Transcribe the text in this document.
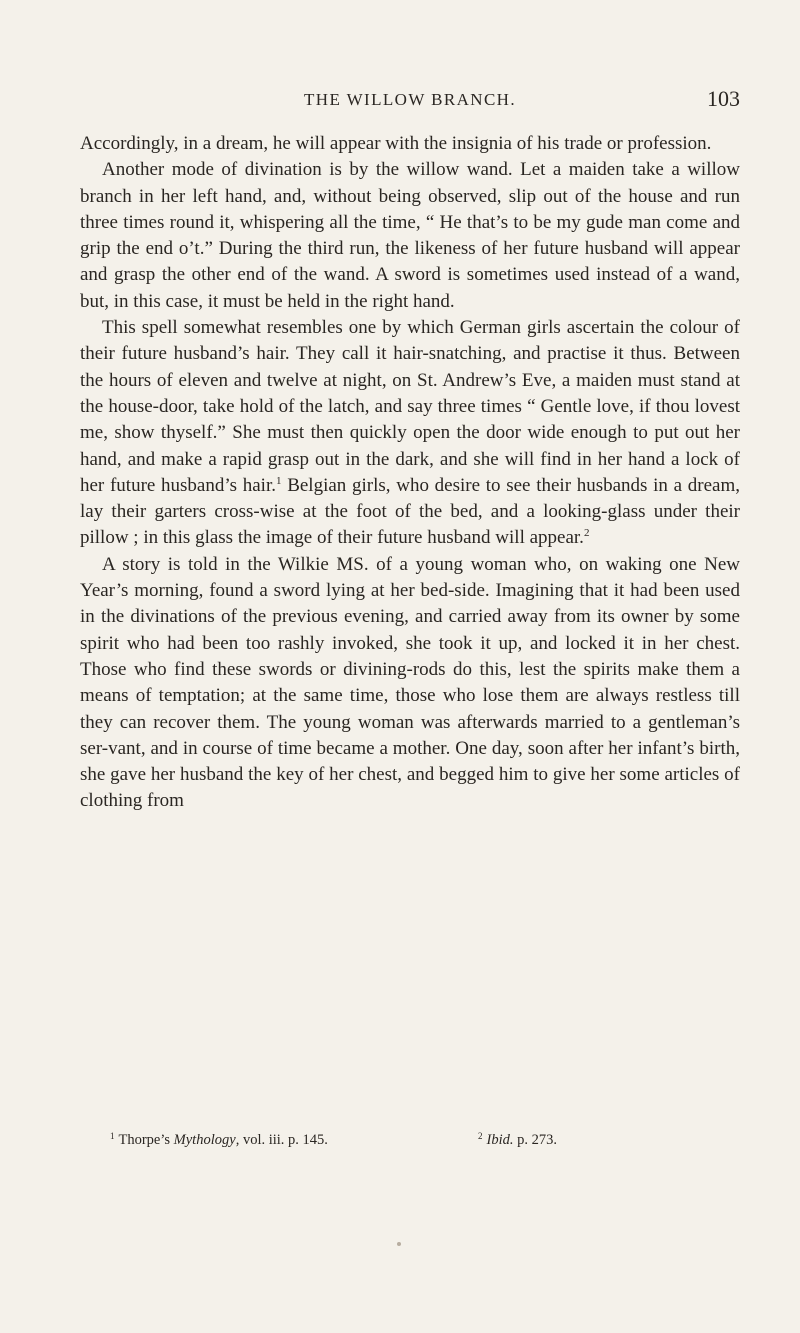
THE WILLOW BRANCH.	103

Accordingly, in a dream, he will appear with the insignia of his trade or profession.

Another mode of divination is by the willow wand. Let a maiden take a willow branch in her left hand, and, without being observed, slip out of the house and run three times round it, whispering all the time, “ He that’s to be my gude man come and grip the end o’t.” During the third run, the likeness of her future husband will appear and grasp the other end of the wand. A sword is sometimes used instead of a wand, but, in this case, it must be held in the right hand.

This spell somewhat resembles one by which German girls ascertain the colour of their future husband’s hair. They call it hair-snatching, and practise it thus. Between the hours of eleven and twelve at night, on St. Andrew’s Eve, a maiden must stand at the house-door, take hold of the latch, and say three times “ Gentle love, if thou lovest me, show thyself.” She must then quickly open the door wide enough to put out her hand, and make a rapid grasp out in the dark, and she will find in her hand a lock of her future husband’s hair.$^1$ Belgian girls, who desire to see their husbands in a dream, lay their garters cross-wise at the foot of the bed, and a looking-glass under their pillow ; in this glass the image of their future husband will appear.$^2$

A story is told in the Wilkie MS. of a young woman who, on waking one New Year’s morning, found a sword lying at her bed-side. Imagining that it had been used in the divinations of the previous evening, and carried away from its owner by some spirit who had been too rashly invoked, she took it up, and locked it in her chest. Those who find these swords or divining-rods do this, lest the spirits make them a means of temptation; at the same time, those who lose them are always restless till they can recover them. The young woman was afterwards married to a gentleman’s ser-vant, and in course of time became a mother. One day, soon after her infant’s birth, she gave her husband the key of her chest, and begged him to give her some articles of clothing from

$^1$ Thorpe’s Mythology, vol. iii. p. 145.	$^2$ Ibid. p. 273.
